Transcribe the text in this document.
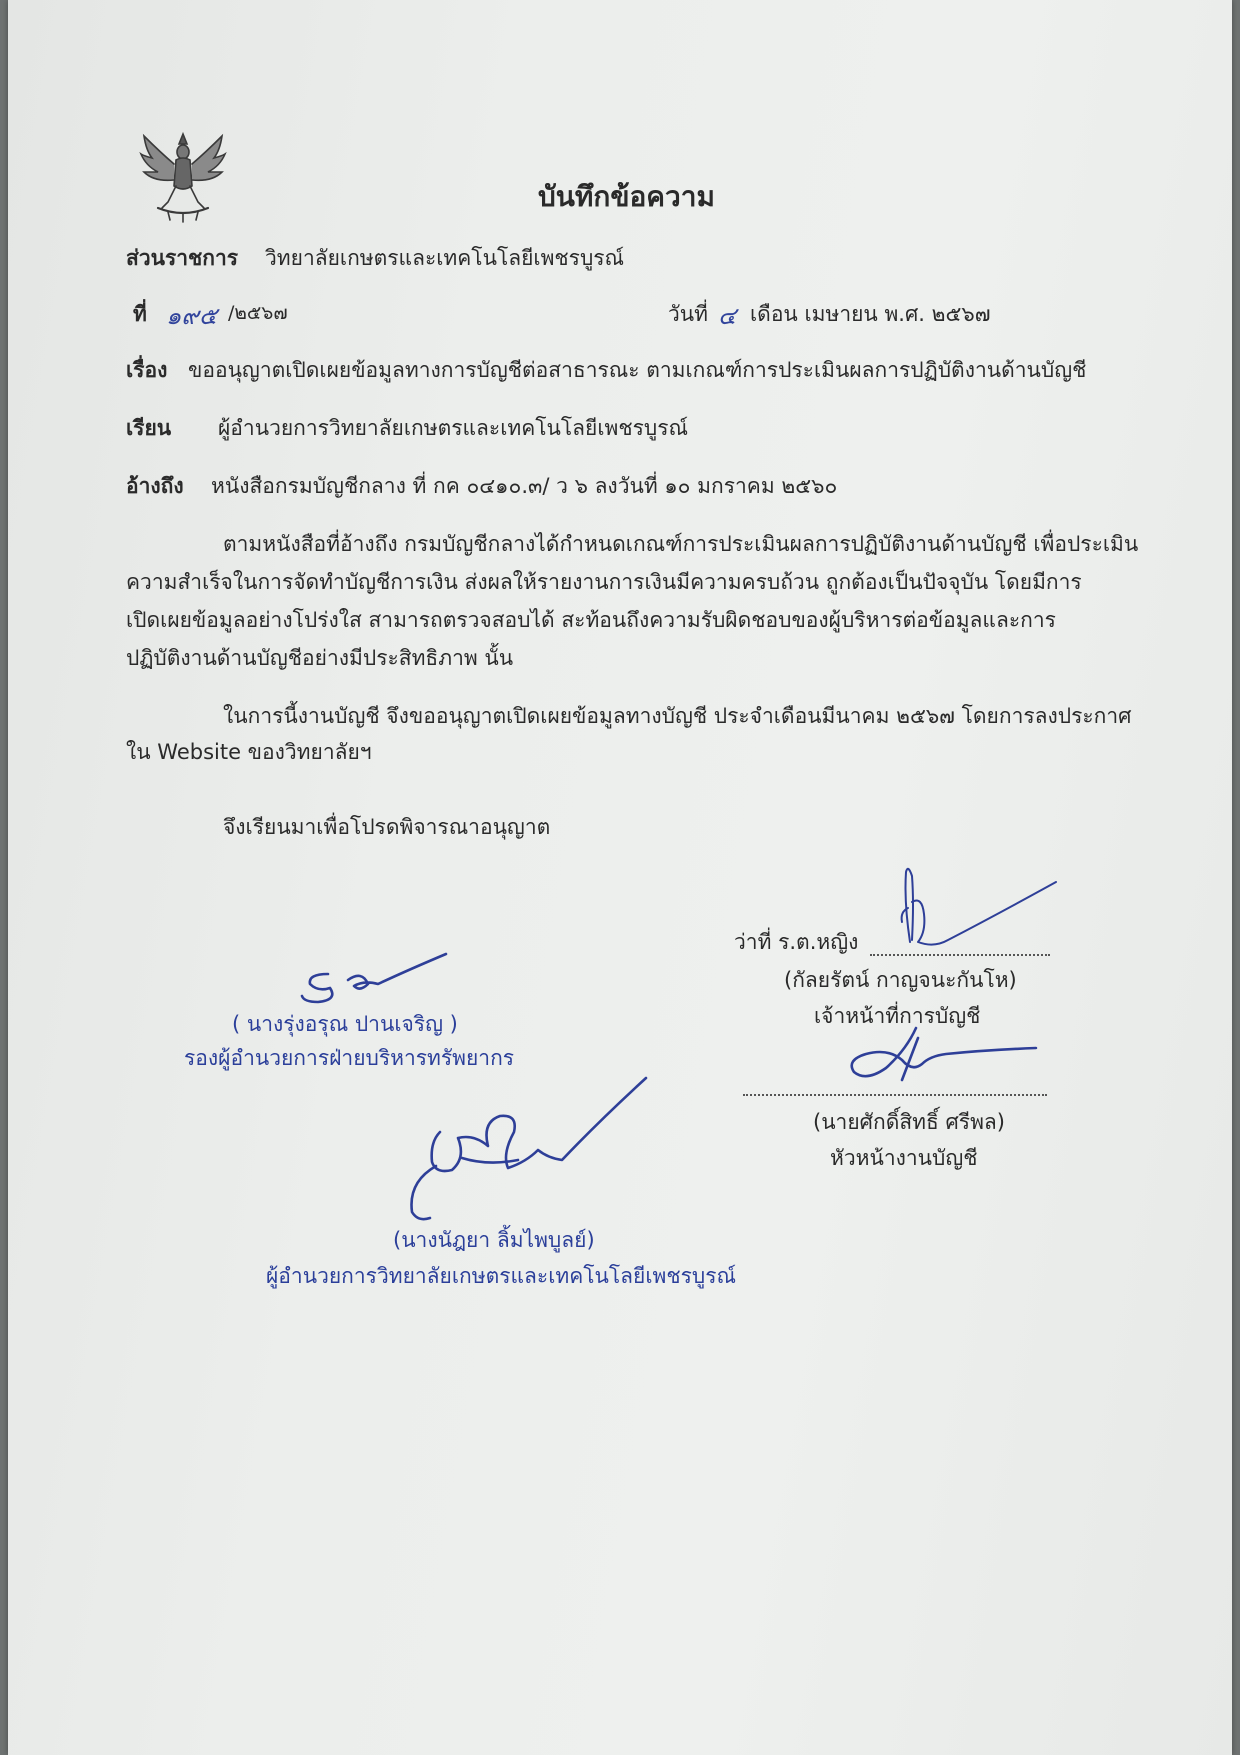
บันทึกข้อความ
ส่วนราชการ วิทยาลัยเกษตรและเทคโนโลยีเพชรบูรณ์
ที่ ๑๙๕ /๒๕๖๗	วันที่ ๔ เดือน เมษายน พ.ศ. ๒๕๖๗
เรื่อง ขออนุญาตเปิดเผยข้อมูลทางการบัญชีต่อสาธารณะ ตามเกณฑ์การประเมินผลการปฏิบัติงานด้านบัญชี
เรียน ผู้อำนวยการวิทยาลัยเกษตรและเทคโนโลยีเพชรบูรณ์
อ้างถึง หนังสือกรมบัญชีกลาง ที่ กค ๐๔๑๐.๓/ ว ๖ ลงวันที่ ๑๐ มกราคม ๒๕๖๐
ตามหนังสือที่อ้างถึง กรมบัญชีกลางได้กำหนดเกณฑ์การประเมินผลการปฏิบัติงานด้านบัญชี เพื่อประเมิน
ความสำเร็จในการจัดทำบัญชีการเงิน ส่งผลให้รายงานการเงินมีความครบถ้วน ถูกต้องเป็นปัจจุบัน โดยมีการ
เปิดเผยข้อมูลอย่างโปร่งใส สามารถตรวจสอบได้ สะท้อนถึงความรับผิดชอบของผู้บริหารต่อข้อมูลและการ
ปฏิบัติงานด้านบัญชีอย่างมีประสิทธิภาพ นั้น
ในการนี้งานบัญชี จึงขออนุญาตเปิดเผยข้อมูลทางบัญชี ประจำเดือนมีนาคม ๒๕๖๗ โดยการลงประกาศ
ใน Website ของวิทยาลัยฯ
จึงเรียนมาเพื่อโปรดพิจารณาอนุญาต
ว่าที่ ร.ต.หญิง
(กัลยรัตน์ กาญจนะกันโห)
เจ้าหน้าที่การบัญชี
(นายศักดิ์สิทธิ์ ศรีพล)
หัวหน้างานบัญชี
( นางรุ่งอรุณ ปานเจริญ )
รองผู้อำนวยการฝ่ายบริหารทรัพยากร
(นางนัฎยา ลิ้มไพบูลย์)
ผู้อำนวยการวิทยาลัยเกษตรและเทคโนโลยีเพชรบูรณ์
